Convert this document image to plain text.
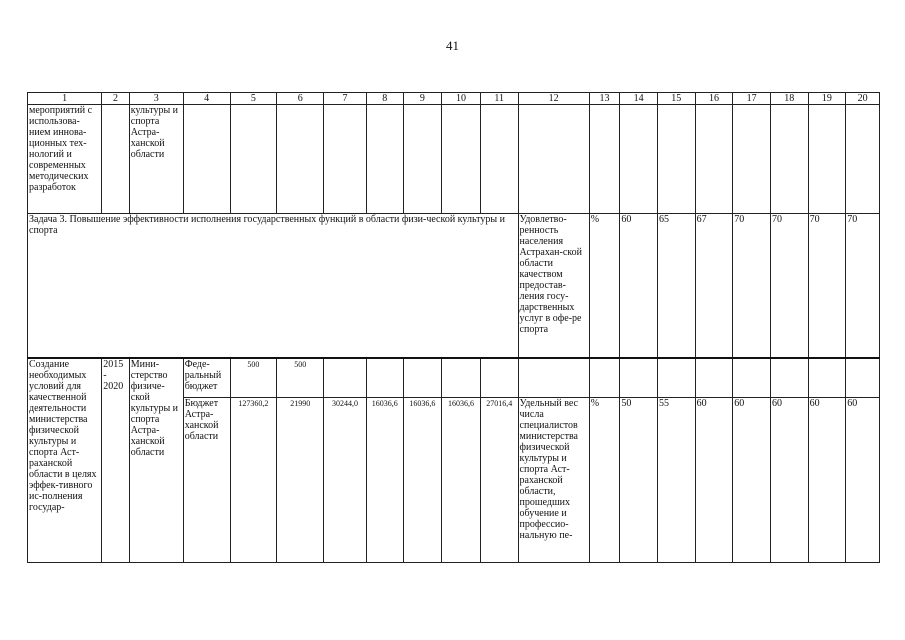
41
1	2	3	4	5	6	7	8	9	10	11	12	13	14	15	16	17	18	19	20
мероприятий с использова-нием иннова-ционных тех-нологий и современных методических разработок		культуры и спорта Астра-ханской области																	
Задача 3. Повышение эффективности исполнения государственных функций в области физи-ческой культуры и спорта											Удовлетво-ренность населения Астрахан-ской области качеством предостав-ления госу-дарственных услуг в офе-ре спорта	%	60	65	67	70	70	70	70
Создание необходимых условий для качественной деятельности министерства физической культуры и спорта Аст-раханской области в целях эффек-тивного ис-полнения государ-	2015 - 2020	Мини-стерство физиче-ской культуры и спорта Астра-ханской области	Феде-ральный бюджет	500	500														
			Бюджет Астра-ханской области	127360,2	21990	30244,0	16036,6	16036,6	16036,6	27016,4	Удельный вес числа специалистов министерства физической культуры и спорта Аст-раханской области, прошедших обучение и профессио-нальную пе-	%	50	55	60	60	60	60	60
